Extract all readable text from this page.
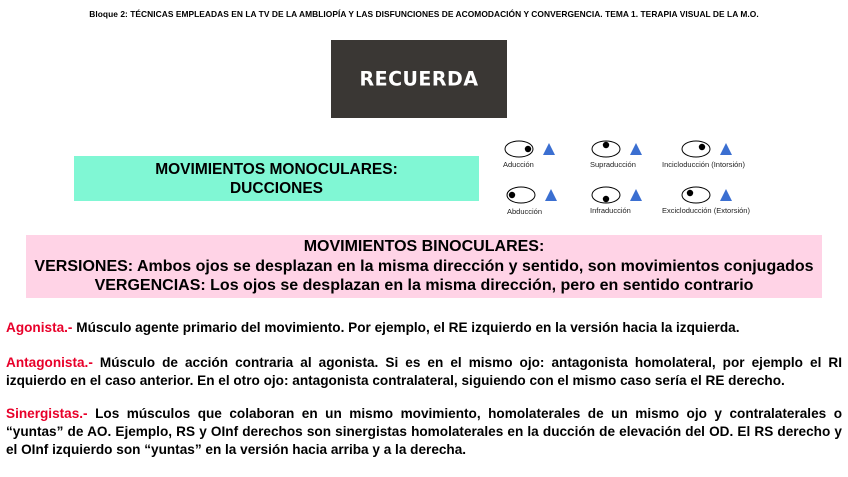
Bloque 2: TÉCNICAS EMPLEADAS EN LA TV DE LA AMBLIOPÍA Y LAS DISFUNCIONES DE ACOMODACIÓN Y CONVERGENCIA. TEMA 1. TERAPIA VISUAL DE LA M.O.
RECUERDA
MOVIMIENTOS MONOCULARES:
DUCCIONES
Aducción	Supraducción	Incicloducción (Intorsión)
Abducción	Infraducción	Excicloducción (Extorsión)
MOVIMIENTOS BINOCULARES:
VERSIONES: Ambos ojos se desplazan en la misma dirección y sentido, son movimientos conjugados
VERGENCIAS: Los ojos se desplazan en la misma dirección, pero en sentido contrario
Agonista.- Músculo agente primario del movimiento. Por ejemplo, el RE izquierdo en la versión hacia la izquierda.
Antagonista.- Músculo de acción contraria al agonista. Si es en el mismo ojo: antagonista homolateral, por ejemplo el RI izquierdo en el caso anterior. En el otro ojo: antagonista contralateral, siguiendo con el mismo caso sería el RE derecho.
Sinergistas.- Los músculos que colaboran en un mismo movimiento, homolaterales de un mismo ojo y contralaterales o “yuntas” de AO. Ejemplo, RS y OInf derechos son sinergistas homolaterales en la ducción de elevación del OD. El RS derecho y el OInf izquierdo son “yuntas” en la versión hacia arriba y a la derecha.
